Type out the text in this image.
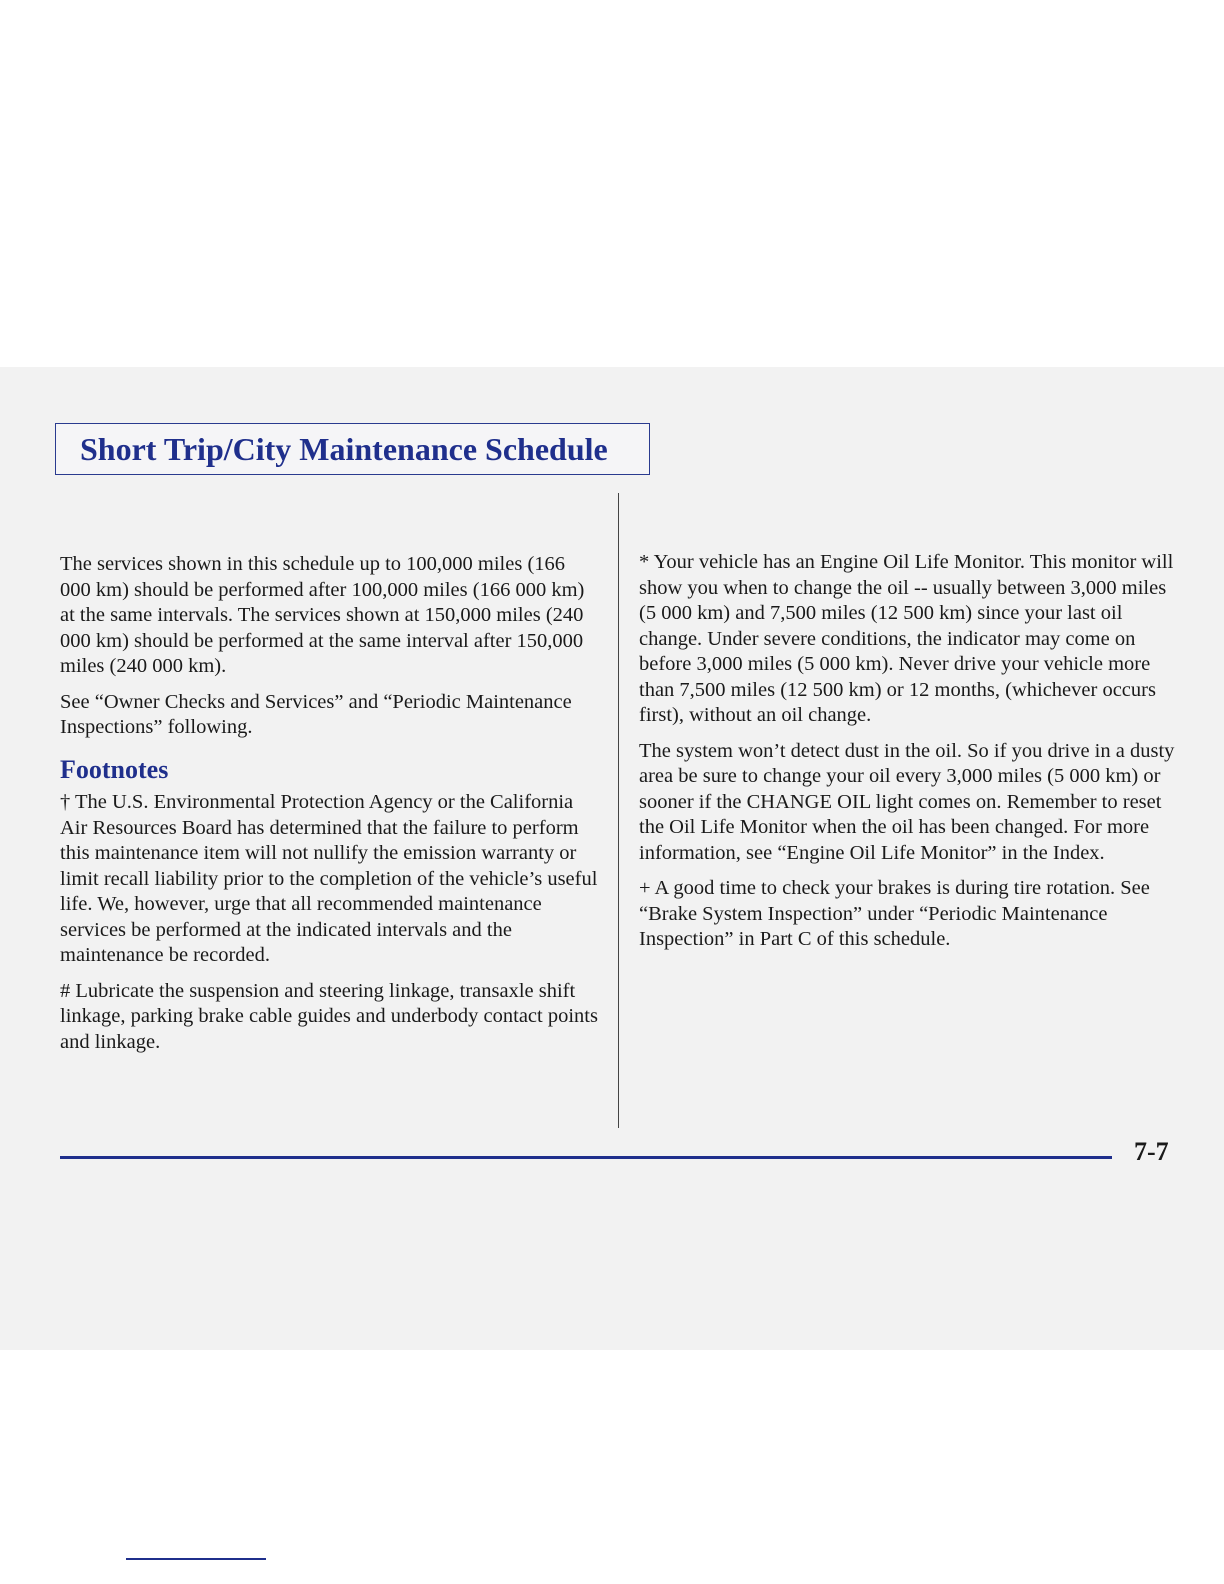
Short Trip/City Maintenance Schedule

The services shown in this schedule up to 100,000 miles (166 000 km) should be performed after 100,000 miles (166 000 km) at the same intervals. The services shown at 150,000 miles (240 000 km) should be performed at the same interval after 150,000 miles (240 000 km).

See “Owner Checks and Services” and “Periodic Maintenance Inspections” following.

Footnotes

† The U.S. Environmental Protection Agency or the California Air Resources Board has determined that the failure to perform this maintenance item will not nullify the emission warranty or limit recall liability prior to the completion of the vehicle’s useful life. We, however, urge that all recommended maintenance services be performed at the indicated intervals and the maintenance be recorded.

# Lubricate the suspension and steering linkage, transaxle shift linkage, parking brake cable guides and underbody contact points and linkage.

* Your vehicle has an Engine Oil Life Monitor. This monitor will show you when to change the oil -- usually between 3,000 miles (5 000 km) and 7,500 miles (12 500 km) since your last oil change. Under severe conditions, the indicator may come on before 3,000 miles (5 000 km). Never drive your vehicle more than 7,500 miles (12 500 km) or 12 months, (whichever occurs first), without an oil change.

The system won’t detect dust in the oil. So if you drive in a dusty area be sure to change your oil every 3,000 miles (5 000 km) or sooner if the CHANGE OIL light comes on. Remember to reset the Oil Life Monitor when the oil has been changed. For more information, see “Engine Oil Life Monitor” in the Index.

+ A good time to check your brakes is during tire rotation. See “Brake System Inspection” under “Periodic Maintenance Inspection” in Part C of this schedule.

7-7
